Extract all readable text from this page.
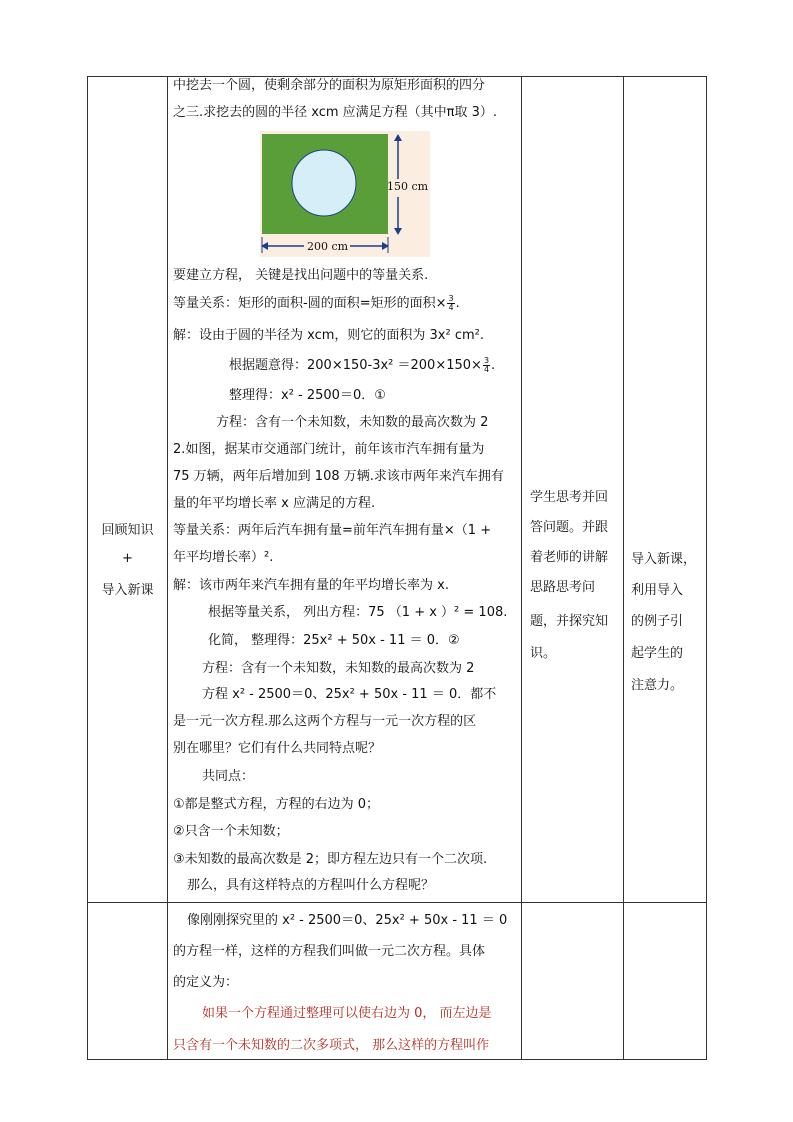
回顾知识
+
导入新课
学生思考并回
答问题。并跟
着老师的讲解
思路思考问
题，并探究知
识。
导入新课，
利用导入
的例子引
起学生的
注意力。
中挖去一个圆，使剩余部分的面积为原矩形面积的四分
之三.求挖去的圆的半径 xcm 应满足方程（其中π取 3）.
150 cm
200 cm
要建立方程， 关键是找出问题中的等量关系.
等量关系：矩形的面积-圆的面积=矩形的面积× $\frac{3}{4}$ .
解：设由于圆的半径为 xcm，则它的面积为 3x² cm².
根据题意得：$200\times 150-3x^2 =200\times 150\times \frac{3}{4}$ .
整理得：x² - 2500＝0．①
方程：含有一个未知数，未知数的最高次数为 2
2.如图，据某市交通部门统计，前年该市汽车拥有量为
75 万辆，两年后增加到 108 万辆.求该市两年来汽车拥有
量的年平均增长率 x 应满足的方程.
等量关系：两年后汽车拥有量=前年汽车拥有量×（1 +
年平均增长率）².
解：该市两年来汽车拥有量的年平均增长率为 x.
根据等量关系， 列出方程：75 （1 + x ）² = 108.
化简， 整理得：25x² + 50x - 11 ＝ 0．②
方程：含有一个未知数，未知数的最高次数为 2
方程 x² - 2500＝0、25x² + 50x - 11 ＝ 0．都不
是一元一次方程.那么这两个方程与一元一次方程的区
别在哪里？它们有什么共同特点呢？
共同点：
①都是整式方程，方程的右边为 0；
②只含一个未知数；
③未知数的最高次数是 2；即方程左边只有一个二次项.
那么，具有这样特点的方程叫什么方程呢？
像刚刚探究里的 x² - 2500＝0、25x² + 50x - 11 ＝ 0
的方程一样，这样的方程我们叫做一元二次方程。具体
的定义为：
如果一个方程通过整理可以使右边为 0， 而左边是
只含有一个未知数的二次多项式， 那么这样的方程叫作
